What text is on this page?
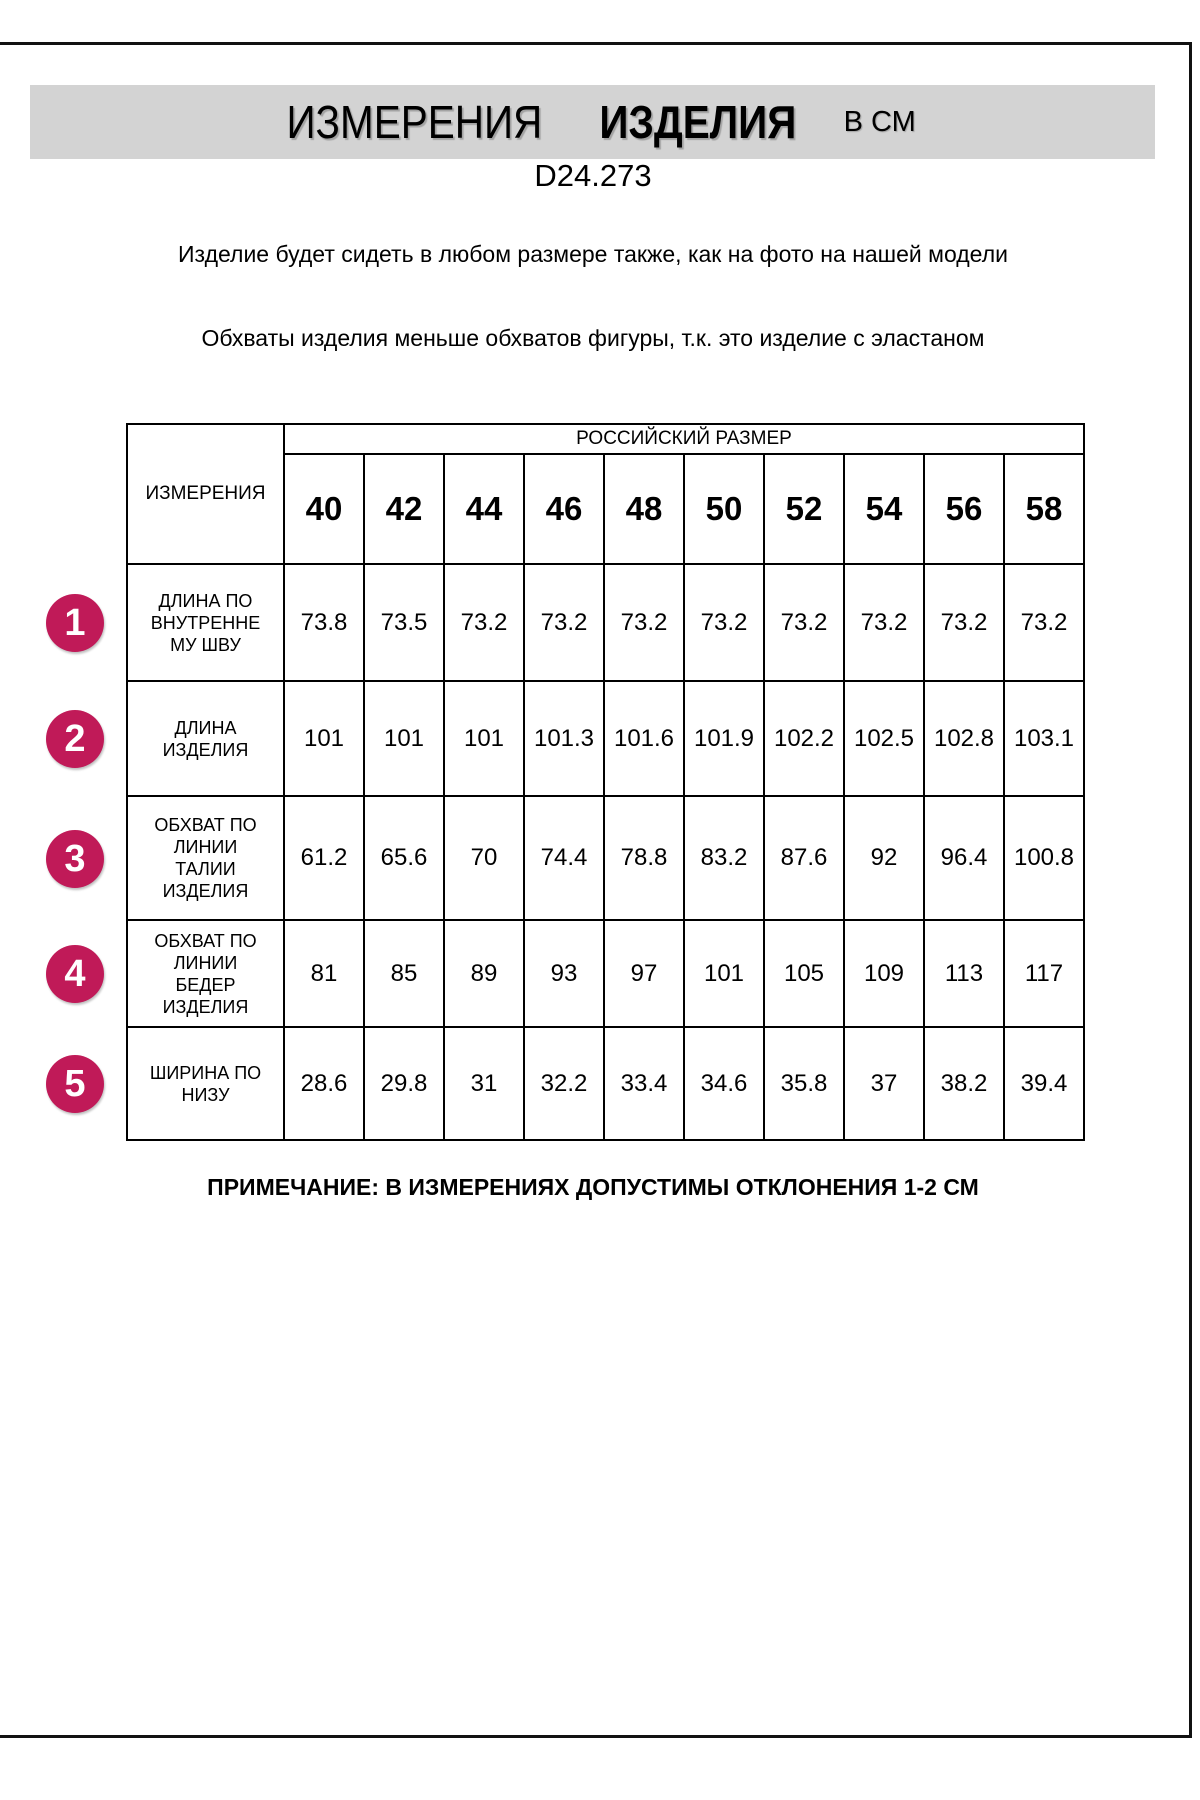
ИЗМЕРЕНИЯ ИЗДЕЛИЯ В СМ
D24.273
Изделие будет сидеть в любом размере также, как на фото на нашей модели
Обхваты изделия меньше обхватов фигуры, т.к. это изделие с эластаном
ИЗМЕРЕНИЯ	РОССИЙСКИЙ РАЗМЕР									
	40	42	44	46	48	50	52	54	56	58

ДЛИНА ПО
ВНУТРЕННЕ
МУ ШВУ	73.8	73.5	73.2	73.2	73.2	73.2	73.2	73.2	73.2	73.2

ДЛИНА
ИЗДЕЛИЯ	101	101	101	101.3	101.6	101.9	102.2	102.5	102.8	103.1

ОБХВАТ ПО
ЛИНИИ
ТАЛИИ
ИЗДЕЛИЯ	61.2	65.6	70	74.4	78.8	83.2	87.6	92	96.4	100.8

ОБХВАТ ПО
ЛИНИИ
БЕДЕР
ИЗДЕЛИЯ	81	85	89	93	97	101	105	109	113	117

ШИРИНА ПО
НИЗУ	28.6	29.8	31	32.2	33.4	34.6	35.8	37	38.2	39.4
1
2
3
4
5
ПРИМЕЧАНИЕ: В ИЗМЕРЕНИЯХ ДОПУСТИМЫ ОТКЛОНЕНИЯ 1-2 СМ
